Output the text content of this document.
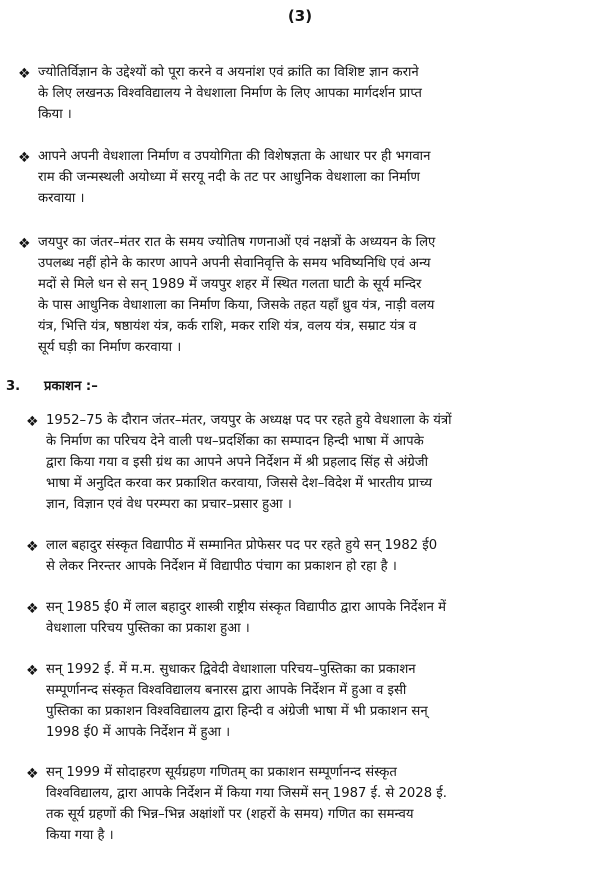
(3)
❖ ज्योतिर्विज्ञान के उद्देश्यों को पूरा करने व अयनांश एवं क्रांति का विशिष्ट ज्ञान कराने
के लिए लखनऊ विश्वविद्यालय ने वेधशाला निर्माण के लिए आपका मार्गदर्शन प्राप्त
किया ।
❖ आपने अपनी वेधशाला निर्माण व उपयोगिता की विशेषज्ञता के आधार पर ही भगवान
राम की जन्मस्थली अयोध्या में सरयू नदी के तट पर आधुनिक वेधशाला का निर्माण
करवाया ।
❖ जयपुर का जंतर–मंतर रात के समय ज्योतिष गणनाओं एवं नक्षत्रों के अध्ययन के लिए
उपलब्ध नहीं होने के कारण आपने अपनी सेवानिवृत्ति के समय भविष्यनिधि एवं अन्य
मदों से मिले धन से सन् 1989 में जयपुर शहर में स्थित गलता घाटी के सूर्य मन्दिर
के पास आधुनिक वेधाशाला का निर्माण किया, जिसके तहत यहाँ ध्रुव यंत्र, नाड़ी वलय
यंत्र, भित्ति यंत्र, षष्ठायंश यंत्र, कर्क राशि, मकर राशि यंत्र, वलय यंत्र, सम्राट यंत्र व
सूर्य घड़ी का निर्माण करवाया ।
3. प्रकाशन :–
❖ 1952–75 के दौरान जंतर–मंतर, जयपुर के अध्यक्ष पद पर रहते हुये वेधशाला के यंत्रों
के निर्माण का परिचय देने वाली पथ–प्रदर्शिका का सम्पादन हिन्दी भाषा में आपके
द्वारा किया गया व इसी ग्रंथ का आपने अपने निर्देशन में श्री प्रहलाद सिंह से अंग्रेजी
भाषा में अनुदित करवा कर प्रकाशित करवाया, जिससे देश–विदेश में भारतीय प्राच्य
ज्ञान, विज्ञान एवं वेध परम्परा का प्रचार–प्रसार हुआ ।
❖ लाल बहादुर संस्कृत विद्यापीठ में सम्मानित प्रोफेसर पद पर रहते हुये सन् 1982 ई0
से लेकर निरन्तर आपके निर्देशन में विद्यापीठ पंचाग का प्रकाशन हो रहा है ।
❖ सन् 1985 ई0 में लाल बहादुर शास्त्री राष्ट्रीय संस्कृत विद्यापीठ द्वारा आपके निर्देशन में
वेधशाला परिचय पुस्तिका का प्रकाश हुआ ।
❖ सन् 1992 ई. में म.म. सुधाकर द्विवेदी वेधाशाला परिचय–पुस्तिका का प्रकाशन
सम्पूर्णानन्द संस्कृत विश्वविद्यालय बनारस द्वारा आपके निर्देशन में हुआ व इसी
पुस्तिका का प्रकाशन विश्वविद्यालय द्वारा हिन्दी व अंग्रेजी भाषा में भी प्रकाशन सन्
1998 ई0 में आपके निर्देशन में हुआ ।
❖ सन् 1999 में सोदाहरण सूर्यग्रहण गणितम् का प्रकाशन सम्पूर्णानन्द संस्कृत
विश्वविद्यालय, द्वारा आपके निर्देशन में किया गया जिसमें सन् 1987 ई. से 2028 ई.
तक सूर्य ग्रहणों की भिन्न–भिन्न अक्षांशों पर (शहरों के समय) गणित का समन्वय
किया गया है ।
